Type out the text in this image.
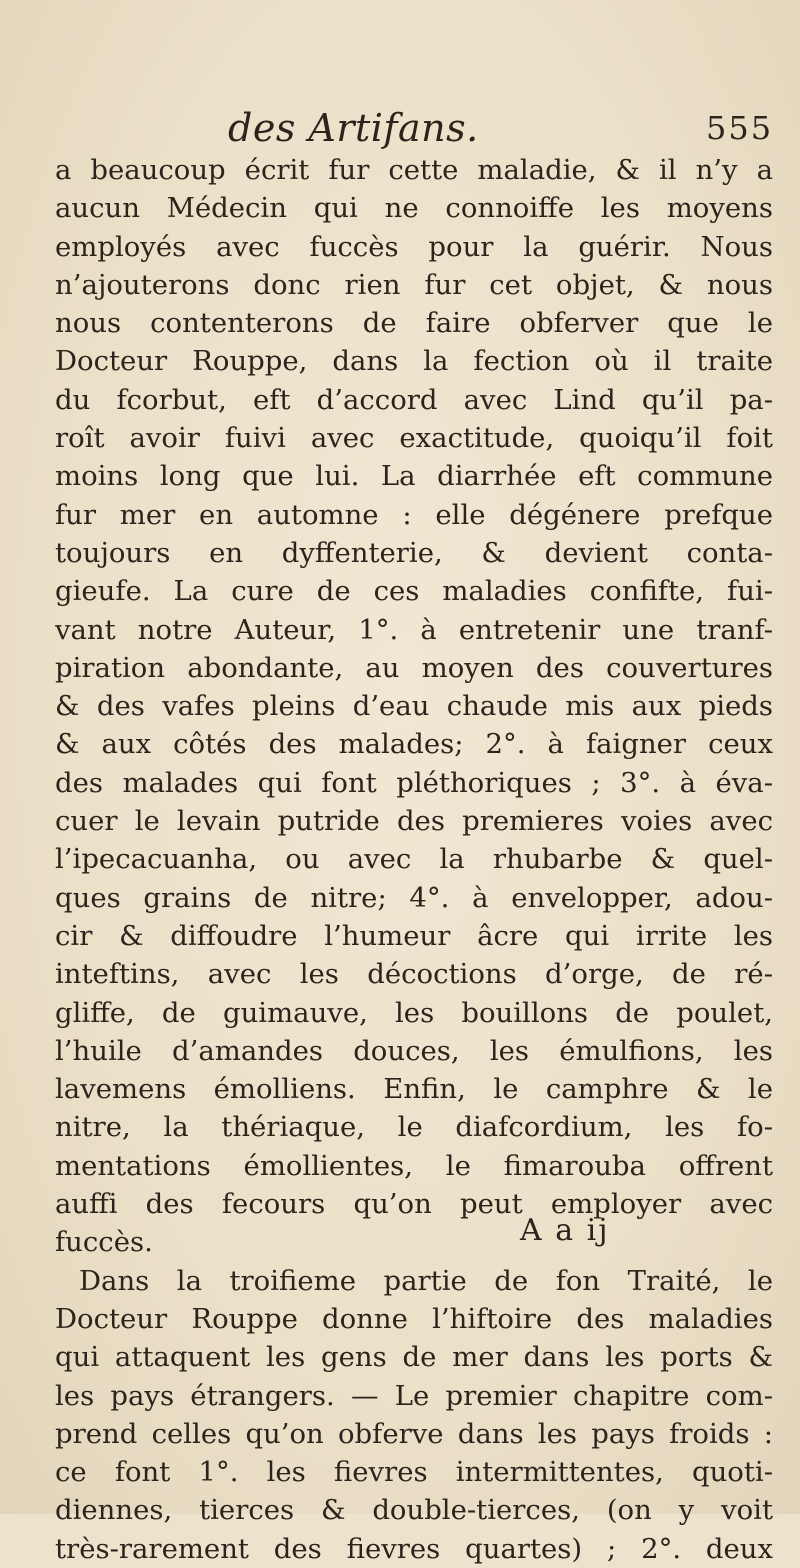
des Artifans.	555
a beaucoup écrit fur cette maladie, & il n’y a
aucun Médecin qui ne connoiffe les moyens
employés avec fuccès pour la guérir. Nous
n’ajouterons donc rien fur cet objet, & nous
nous contenterons de faire obferver que le
Docteur Rouppe, dans la fection où il traite
du fcorbut, eft d’accord avec Lind qu’il pa-
roît avoir fuivi avec exactitude, quoiqu’il foit
moins long que lui. La diarrhée eft commune
fur mer en automne : elle dégénere prefque
toujours en dyffenterie, & devient conta-
gieufe. La cure de ces maladies confifte, fui-
vant notre Auteur, 1°. à entretenir une tranf-
piration abondante, au moyen des couvertures
& des vafes pleins d’eau chaude mis aux pieds
& aux côtés des malades; 2°. à faigner ceux
des malades qui font pléthoriques ; 3°. à éva-
cuer le levain putride des premieres voies avec
l’ipecacuanha, ou avec la rhubarbe & quel-
ques grains de nitre; 4°. à envelopper, adou-
cir & diffoudre l’humeur âcre qui irrite les
inteftins, avec les décoctions d’orge, de ré-
gliffe, de guimauve, les bouillons de poulet,
l’huile d’amandes douces, les émulfions, les
lavemens émolliens. Enfin, le camphre & le
nitre, la thériaque, le diafcordium, les fo-
mentations émollientes, le fimarouba offrent
auffi des fecours qu’on peut employer avec
fuccès.
Dans la troifieme partie de fon Traité, le
Docteur Rouppe donne l’hiftoire des maladies
qui attaquent les gens de mer dans les ports &
les pays étrangers. — Le premier chapitre com-
prend celles qu’on obferve dans les pays froids :
ce font 1°. les fievres intermittentes, quoti-
diennes, tierces & double-tierces, (on y voit
très-rarement des fievres quartes) ; 2°. deux
A a ij
